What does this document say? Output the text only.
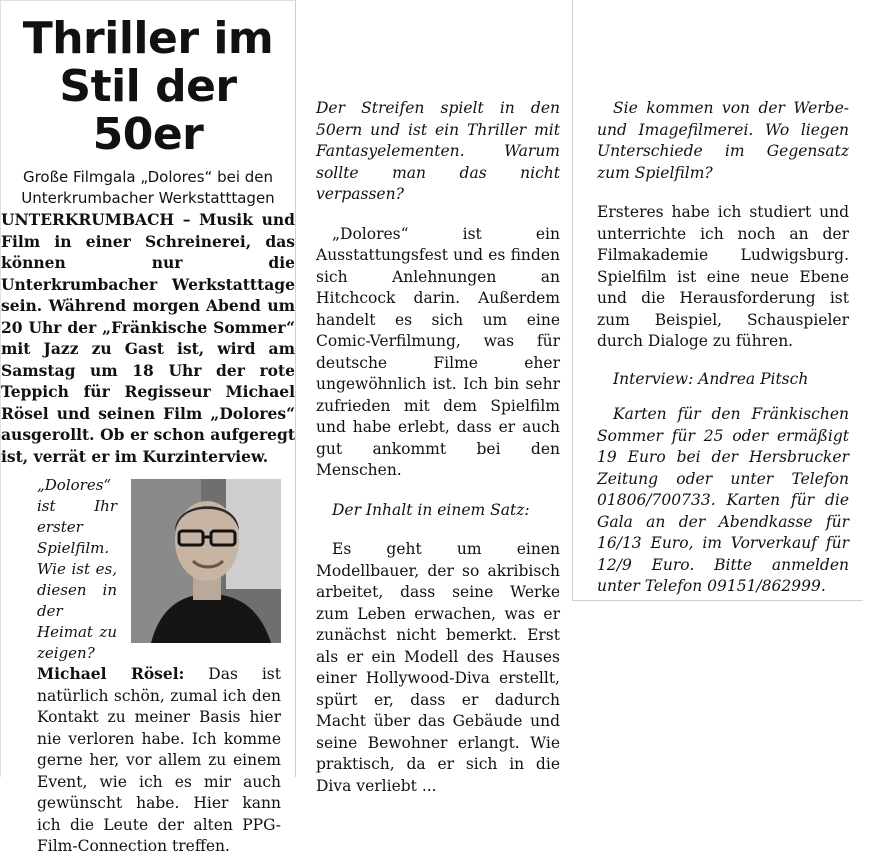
Thriller im
Stil der 50er
Große Filmgala „Dolores“ bei den Unterkrumbacher Werkstatttagen

UNTERKRUMBACH – Musik und Film in einer Schreinerei, das können nur die Unterkrumbacher Werkstatttage sein. Während morgen Abend um 20 Uhr der „Fränkische Sommer“ mit Jazz zu Gast ist, wird am Samstag um 18 Uhr der rote Teppich für Regisseur Michael Rösel und seinen Film „Dolores“ ausgerollt. Ob er schon aufgeregt ist, verrät er im Kurzinterview.

„Dolores“ ist Ihr erster Spielfilm. Wie ist es, diesen in der Heimat zu zeigen?

Michael Rösel: Das ist natürlich schön, zumal ich den Kontakt zu meiner Basis hier nie verloren habe. Ich komme gerne her, vor allem zu einem Event, wie ich es mir auch gewünscht habe. Hier kann ich die Leute der alten PPG-Film-Connection treffen.

Der Streifen spielt in den 50ern und ist ein Thriller mit Fantasyelementen. Warum sollte man das nicht verpassen?

„Dolores“ ist ein Ausstattungsfest und es finden sich Anlehnungen an Hitchcock darin. Außerdem handelt es sich um eine Comic-Verfilmung, was für deutsche Filme eher ungewöhnlich ist. Ich bin sehr zufrieden mit dem Spielfilm und habe erlebt, dass er auch gut ankommt bei den Menschen.

Der Inhalt in einem Satz:

Es geht um einen Modellbauer, der so akribisch arbeitet, dass seine Werke zum Leben erwachen, was er zunächst nicht bemerkt. Erst als er ein Modell des Hauses einer Hollywood-Diva erstellt, spürt er, dass er dadurch Macht über das Gebäude und seine Bewohner erlangt. Wie praktisch, da er sich in die Diva verliebt ...

Sie kommen von der Werbe- und Imagefilmerei. Wo liegen Unterschiede im Gegensatz zum Spielfilm?

Ersteres habe ich studiert und unterrichte ich noch an der Filmakademie Ludwigsburg. Spielfilm ist eine neue Ebene und die Herausforderung ist zum Beispiel, Schauspieler durch Dialoge zu führen.

Interview: Andrea Pitsch

Karten für den Fränkischen Sommer für 25 oder ermäßigt 19 Euro bei der Hersbrucker Zeitung oder unter Telefon 01806/700733. Karten für die Gala an der Abendkasse für 16/13 Euro, im Vorverkauf für 12/9 Euro. Bitte anmelden unter Telefon 09151/862999.
